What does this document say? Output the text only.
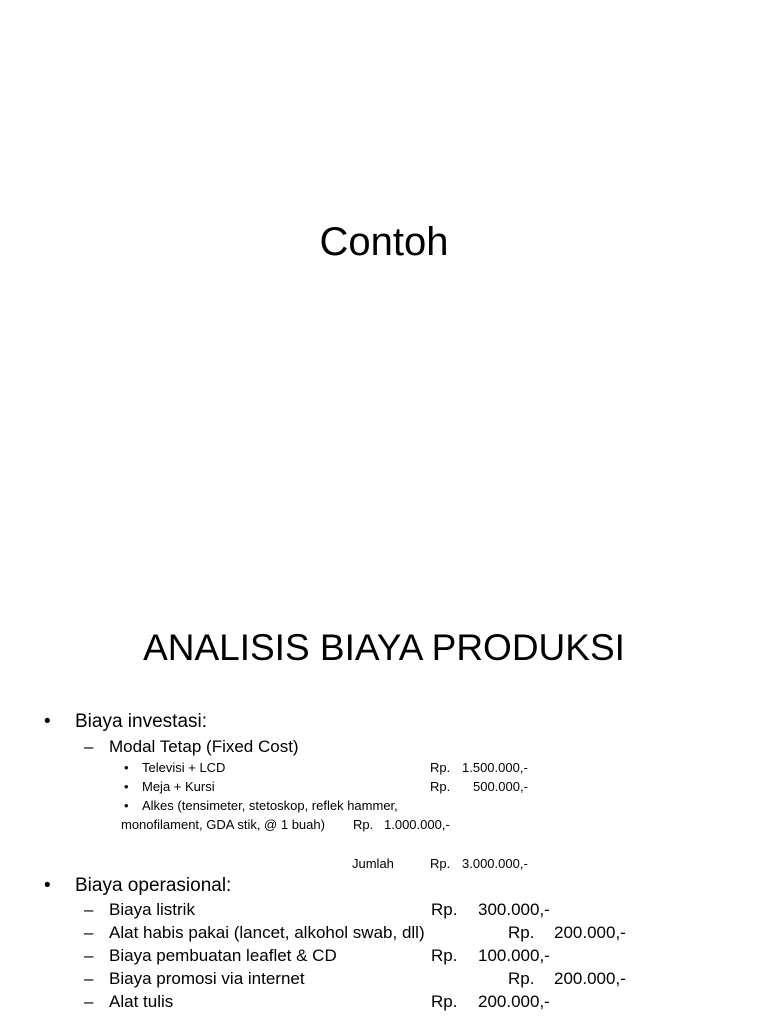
Contoh
ANALISIS BIAYA PRODUKSI
• Biaya investasi:
– Modal Tetap (Fixed Cost)
• Televisi + LCD	Rp. 1.500.000,-
• Meja + Kursi	Rp. 500.000,-
• Alkes (tensimeter, stetoskop, reflek hammer,
monofilament, GDA stik, @ 1 buah) Rp. 1.000.000,-
Jumlah	Rp. 3.000.000,-
• Biaya operasional:
– Biaya listrik	Rp. 300.000,-
– Alat habis pakai (lancet, alkohol swab, dll)	Rp. 200.000,-
– Biaya pembuatan leaflet & CD	Rp. 100.000,-
– Biaya promosi via internet	Rp. 200.000,-
– Alat tulis	Rp. 200.000,-
